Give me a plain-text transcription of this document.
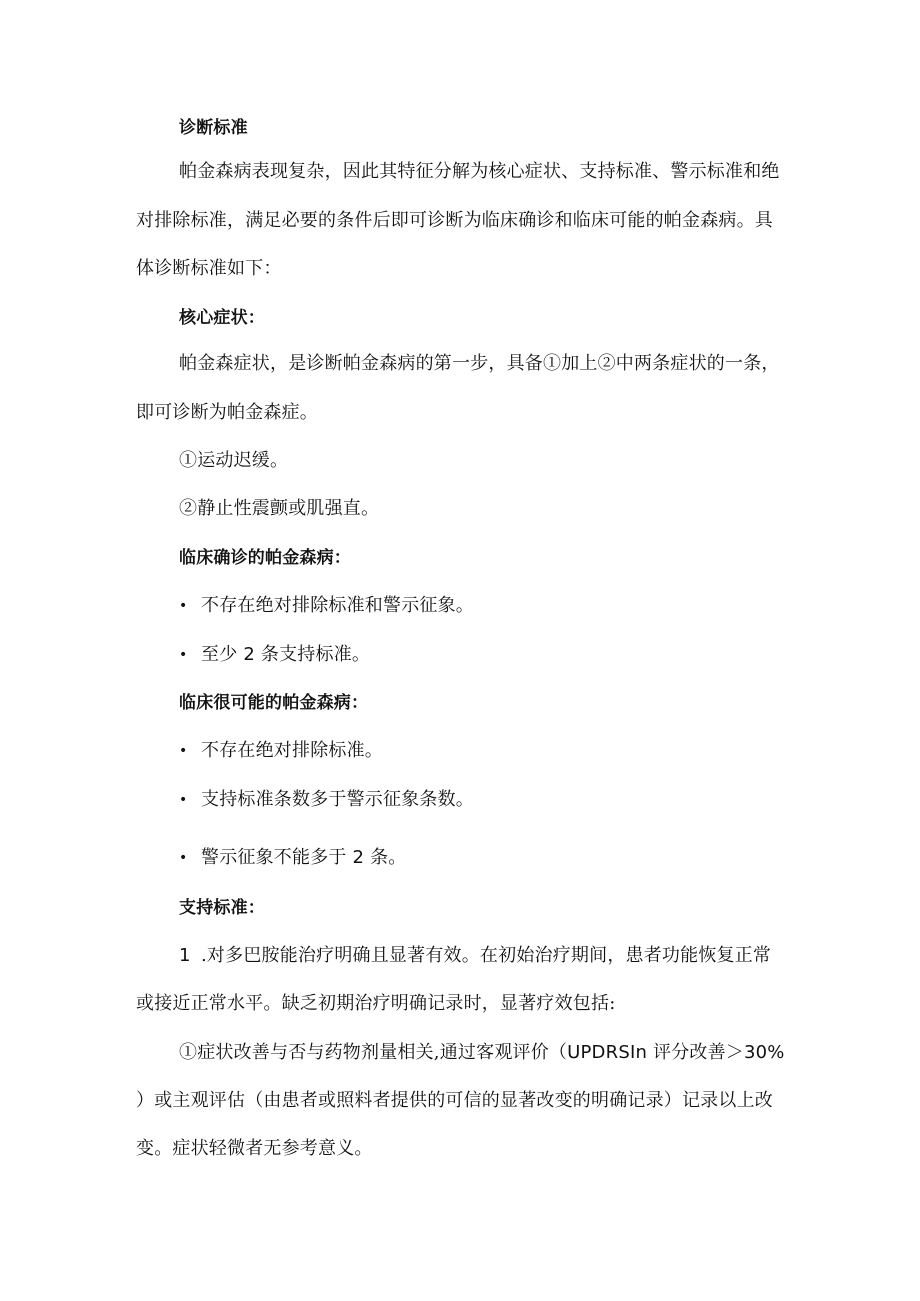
诊断标准
帕金森病表现复杂，因此其特征分解为核心症状、支持标准、警示标准和绝
对排除标准，满足必要的条件后即可诊断为临床确诊和临床可能的帕金森病。具
体诊断标准如下：
核心症状：
帕金森症状，是诊断帕金森病的第一步，具备①加上②中两条症状的一条，
即可诊断为帕金森症。
①运动迟缓。
②静止性震颤或肌强直。
临床确诊的帕金森病：
• 不存在绝对排除标准和警示征象。
• 至少 2 条支持标准。
临床很可能的帕金森病：
• 不存在绝对排除标准。
• 支持标准条数多于警示征象条数。
• 警示征象不能多于 2 条。
支持标准：
1 .对多巴胺能治疗明确且显著有效。在初始治疗期间，患者功能恢复正常
或接近正常水平。缺乏初期治疗明确记录时，显著疗效包括:
①症状改善与否与药物剂量相关,通过客观评价（UPDRSIn 评分改善＞30%
）或主观评估（由患者或照料者提供的可信的显著改变的明确记录）记录以上改
变。症状轻微者无参考意义。
